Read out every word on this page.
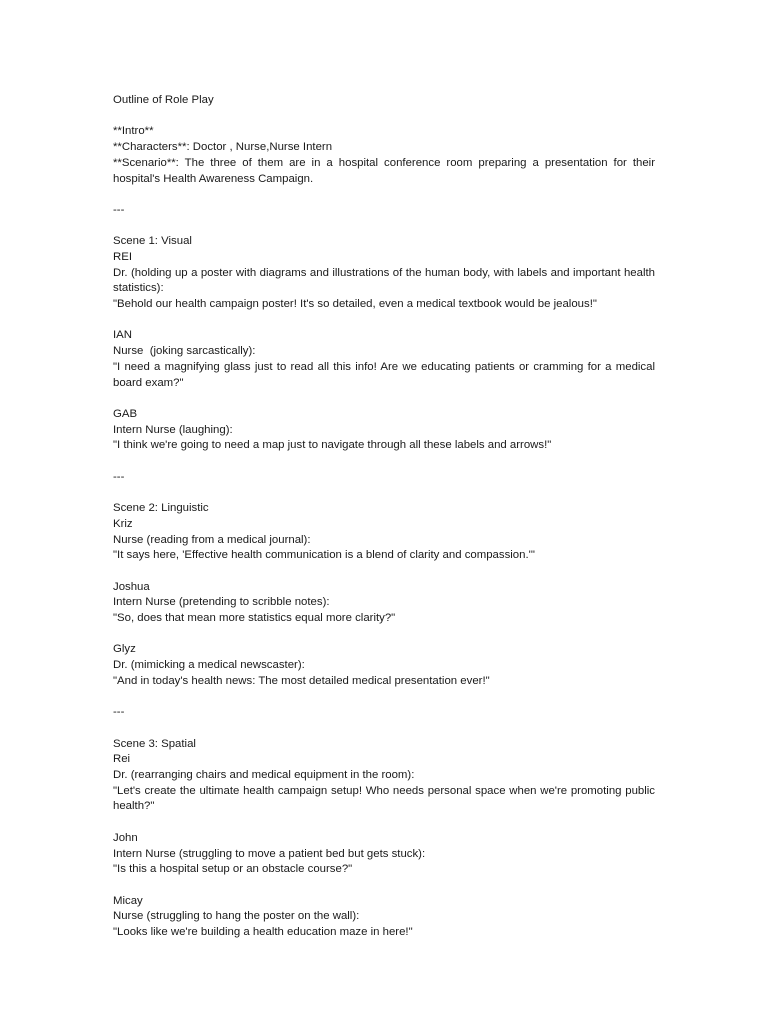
Outline of Role Play
**Intro**
**Characters**: Doctor , Nurse,Nurse Intern
**Scenario**: The three of them are in a hospital conference room preparing a presentation for their hospital's Health Awareness Campaign.
---
Scene 1: Visual
REI
Dr. (holding up a poster with diagrams and illustrations of the human body, with labels and important health statistics):
"Behold our health campaign poster! It's so detailed, even a medical textbook would be jealous!"
IAN
Nurse  (joking sarcastically):
"I need a magnifying glass just to read all this info! Are we educating patients or cramming for a medical board exam?"
GAB
Intern Nurse (laughing):
"I think we're going to need a map just to navigate through all these labels and arrows!"
---
Scene 2: Linguistic
Kriz
Nurse (reading from a medical journal):
"It says here, 'Effective health communication is a blend of clarity and compassion.'"
Joshua
Intern Nurse (pretending to scribble notes):
"So, does that mean more statistics equal more clarity?"
Glyz
Dr. (mimicking a medical newscaster):
"And in today's health news: The most detailed medical presentation ever!"
---
Scene 3: Spatial
Rei
Dr. (rearranging chairs and medical equipment in the room):
"Let's create the ultimate health campaign setup! Who needs personal space when we're promoting public health?"
John
Intern Nurse (struggling to move a patient bed but gets stuck):
"Is this a hospital setup or an obstacle course?"
Micay
Nurse (struggling to hang the poster on the wall):
"Looks like we're building a health education maze in here!"
